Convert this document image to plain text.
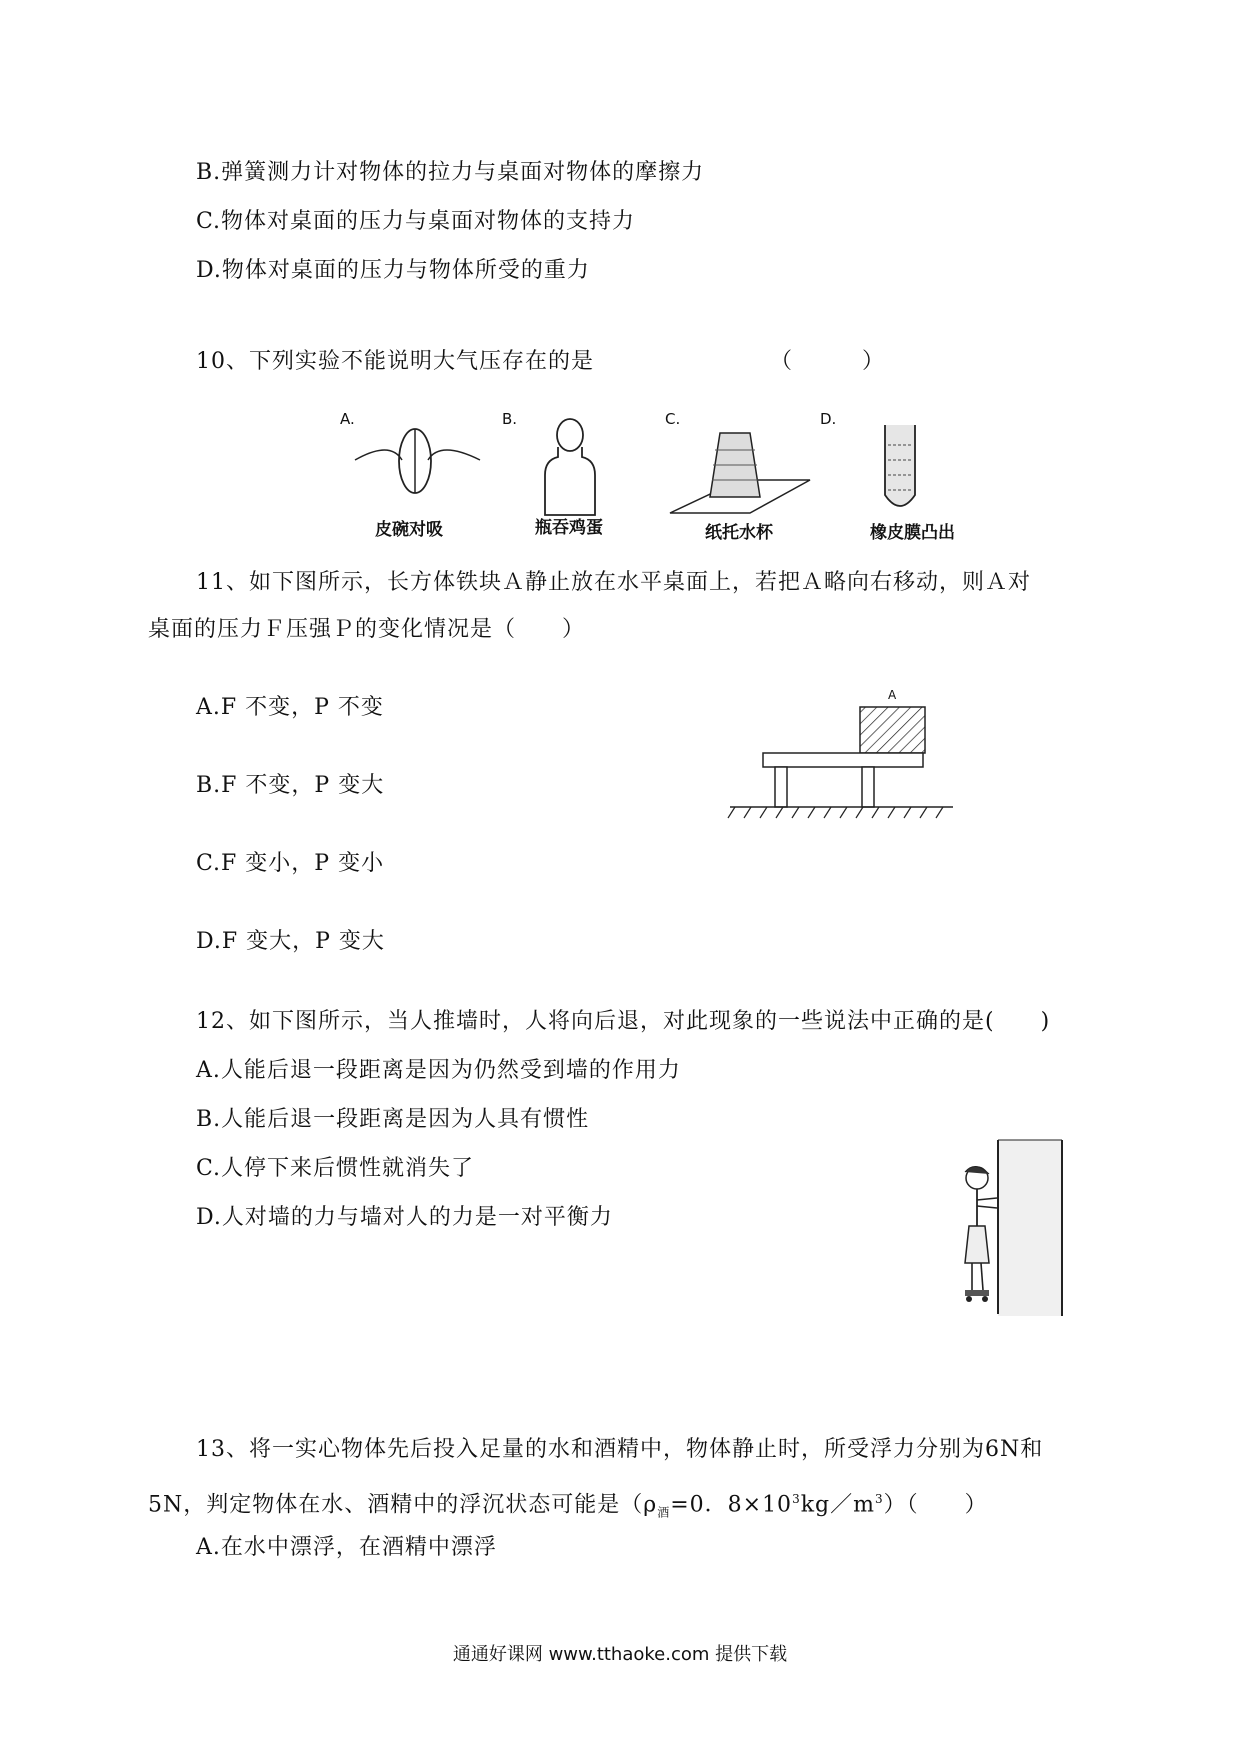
B.弹簧测力计对物体的拉力与桌面对物体的摩擦力
C.物体对桌面的压力与桌面对物体的支持力
D.物体对桌面的压力与物体所受的重力
10、下列实验不能说明大气压存在的是	（　　　）
A.	B.	C.	D.
皮碗对吸	瓶吞鸡蛋	纸托水杯	橡皮膜凸出
11、如下图所示，长方体铁块Ａ静止放在水平桌面上，若把Ａ略向右移动，则Ａ对
桌面的压力Ｆ压强Ｐ的变化情况是（　　）
A.F 不变，P 不变
B.F 不变，P 变大
C.F 变小，P 变小
D.F 变大，P 变大
A
12、如下图所示，当人推墙时，人将向后退，对此现象的一些说法中正确的是(　　)
A.人能后退一段距离是因为仍然受到墙的作用力
B.人能后退一段距离是因为人具有惯性
C.人停下来后惯性就消失了
D.人对墙的力与墙对人的力是一对平衡力
13、将一实心物体先后投入足量的水和酒精中，物体静止时，所受浮力分别为6N和
5N，判定物体在水、酒精中的浮沉状态可能是（$\rho_酒=0$．$8\times 10^3kg/m^3$）（　　）
A.在水中漂浮，在酒精中漂浮
通通好课网 www.tthaoke.com 提供下载
